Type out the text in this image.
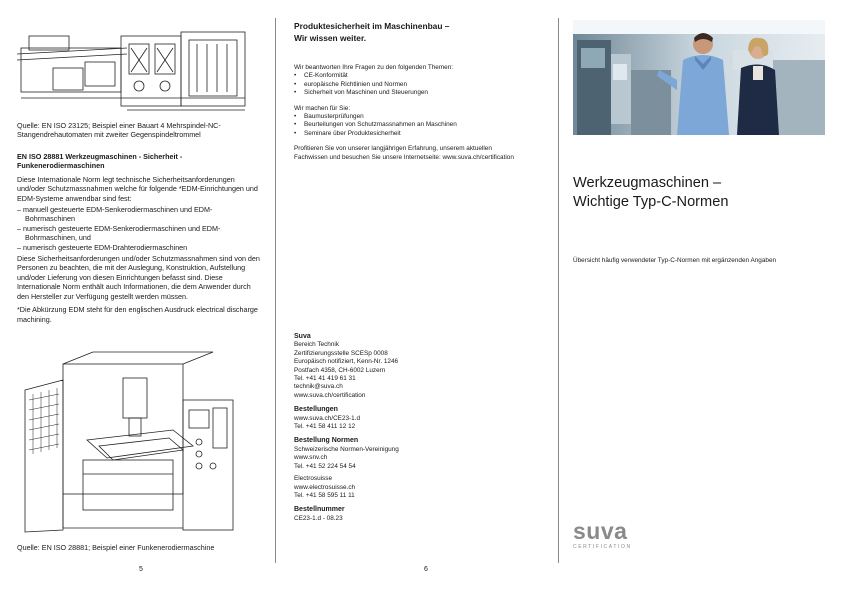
Quelle: EN ISO 23125; Beispiel einer Bauart 4 Mehrspindel-NC-Stangendrehautomaten mit zweiter Gegenspindeltrommel
EN ISO 28881 Werkzeugmaschinen - Sicherheit - Funkenerodiermaschinen
Diese Internationale Norm legt technische Sicherheitsanforderungen und/oder Schutzmassnahmen welche für folgende *EDM-Einrichtungen und EDM-Systeme anwendbar sind fest:
– manuell gesteuerte EDM-Senkerodiermaschinen und EDM-Bohrmaschinen
– numerisch gesteuerte EDM-Senkerodiermaschinen und EDM-Bohrmaschinen, und
– numerisch gesteuerte EDM-Drahterodiermaschinen
Diese Sicherheitsanforderungen und/oder Schutzmassnahmen sind von den Personen zu beachten, die mit der Auslegung, Konstruktion, Aufstellung und/oder Lieferung von diesen Einrichtungen befasst sind. Diese Internationale Norm enthält auch Informationen, die dem Anwender durch den Hersteller zur Verfügung gestellt werden müssen.
*Die Abkürzung EDM steht für den englischen Ausdruck electrical discharge machining.
Quelle: EN ISO 28881; Beispiel einer Funkenerodiermaschine
5
Produktesicherheit im Maschinenbau –
Wir wissen weiter.
Wir beantworten Ihre Fragen zu den folgenden Themen:
• CE-Konformität
• europäische Richtlinien und Normen
• Sicherheit von Maschinen und Steuerungen
Wir machen für Sie:
• Baumusterprüfungen
• Beurteilungen von Schutzmassnahmen an Maschinen
• Seminare über Produktesicherheit
Profitieren Sie von unserer langjährigen Erfahrung, unserem aktuellen Fachwissen und besuchen Sie unsere Internetseite: www.suva.ch/certification
Suva
Bereich Technik
Zertifizierungsstelle SCESp 0008
Europäisch notifiziert, Kenn-Nr. 1246
Postfach 4358, CH-6002 Luzern
Tel. +41 41 419 61 31
technik@suva.ch
www.suva.ch/certification
Bestellungen
www.suva.ch/CE23-1.d
Tel. +41 58 411 12 12
Bestellung Normen
Schweizerische Normen-Vereinigung
www.snv.ch
Tel. +41 52 224 54 54
Electrosuisse
www.electrosuisse.ch
Tel. +41 58 595 11 11
Bestellnummer
CE23-1.d - 08.23
6
Werkzeugmaschinen –
Wichtige Typ-C-Normen
Übersicht häufig verwendeter Typ-C-Normen mit ergänzenden Angaben
suva
CERTIFICATION
